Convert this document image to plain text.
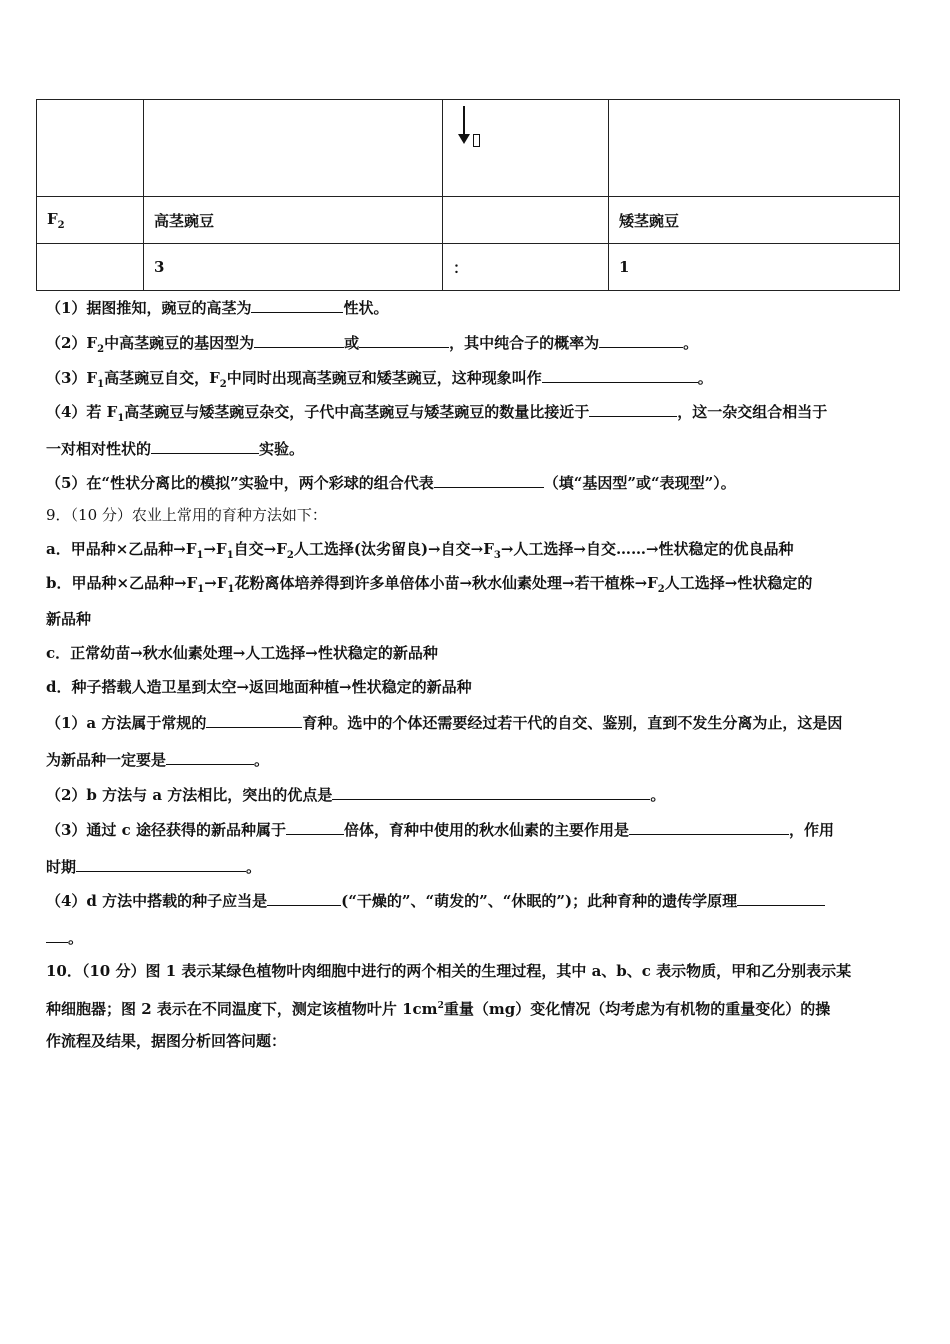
$F_2$	高茎豌豆		矮茎豌豆
	3	：	1
（1）据图推知，豌豆的高茎为	性状。
$(2)F_2$中高茎豌豆的基因型为	或	，其中纯合子的概率为	。
$(3)F_1$高茎豌豆自交，$F_2$中同时出现高茎豌豆和矮茎豌豆，这种现象叫作	。
（4）若 $F_1$高茎豌豆与矮茎豌豆杂交，子代中高茎豌豆与矮茎豌豆的数量比接近于	，这一杂交组合相当于
一对相对性状的	实验。
（5）在“性状分离比的模拟”实验中，两个彩球的组合代表	（填“基因型”或“表现型”）。
9．（10 分）农业上常用的育种方法如下：
a．甲品种×乙品种$\to F_1\to F_1$自交$\to F_2$人工选择(汰劣留良)→自交$\to F_3\to$人工选择→自交……→性状稳定的优良品种
b．甲品种×乙品种$\to F_1\to F_1$花粉离体培养得到许多单倍体小苗→秋水仙素处理→若干植株$\to F_2$人工选择→性状稳定的
新品种
c．正常幼苗→秋水仙素处理→人工选择→性状稳定的新品种
d．种子搭载人造卫星到太空→返回地面种植→性状稳定的新品种
（1）a 方法属于常规的	育种。选中的个体还需要经过若干代的自交、鉴别，直到不发生分离为止，这是因
为新品种一定要是	。
（2）b 方法与 a 方法相比，突出的优点是	。
（3）通过 c 途径获得的新品种属于	倍体，育种中使用的秋水仙素的主要作用是	，作用
时期	。
（4）d 方法中搭载的种子应当是	(“干燥的”、“萌发的”、“休眠的”)；此种育种的遗传学原理
。
10．（10 分）图 1 表示某绿色植物叶肉细胞中进行的两个相关的生理过程，其中 a、b、c 表示物质，甲和乙分别表示某
种细胞器；图 2 表示在不同温度下，测定该植物叶片 $1cm^2$重量（mg）变化情况（均考虑为有机物的重量变化）的操
作流程及结果，据图分析回答问题：
